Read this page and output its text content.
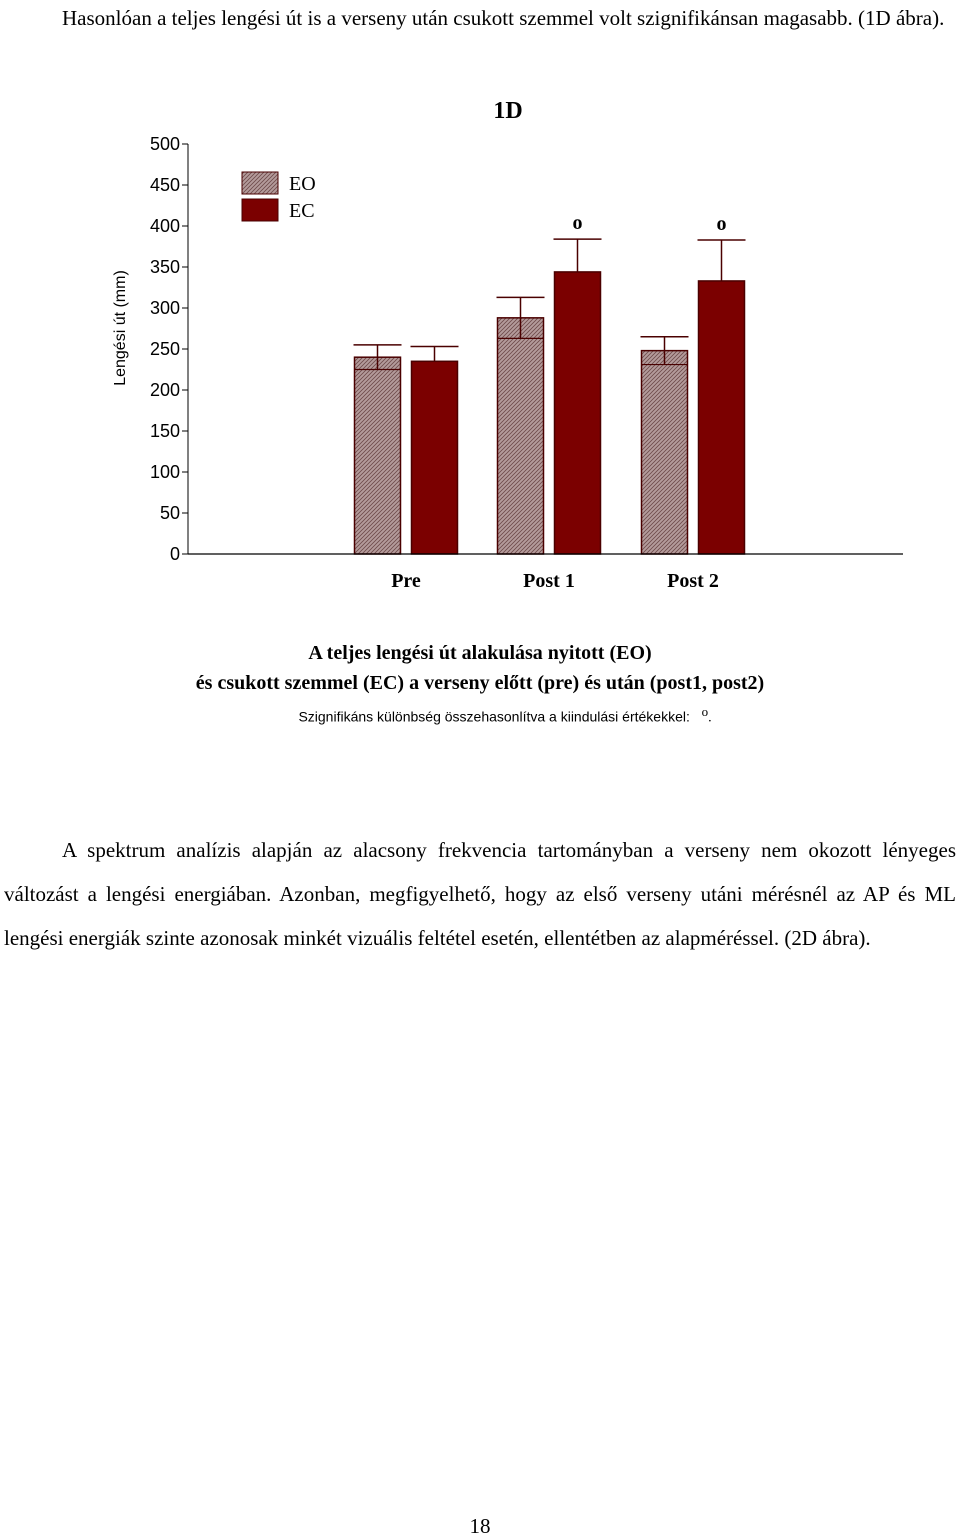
Hasonlóan a teljes lengési út is a verseny után csukott szemmel volt szignifikánsan magasabb. (1D ábra).
1D
Lengési út (mm)
0
50
100
150
200
250
300
350
400
450
500
o	o
Pre	Post 1	Post 2
EO
EC
A teljes lengési út alakulása nyitott (EO)
és csukott szemmel (EC) a verseny előtt (pre) és után (post1, post2)
Szignifikáns különbség összehasonlítva a kiindulási értékekkel: $^o$.
A spektrum analízis alapján az alacsony frekvencia tartományban a verseny nem okozott lényeges változást a lengési energiában. Azonban, megfigyelhető, hogy az első verseny utáni mérésnél az AP és ML lengési energiák szinte azonosak minkét vizuális feltétel esetén, ellentétben az alapméréssel. (2D ábra).
18
